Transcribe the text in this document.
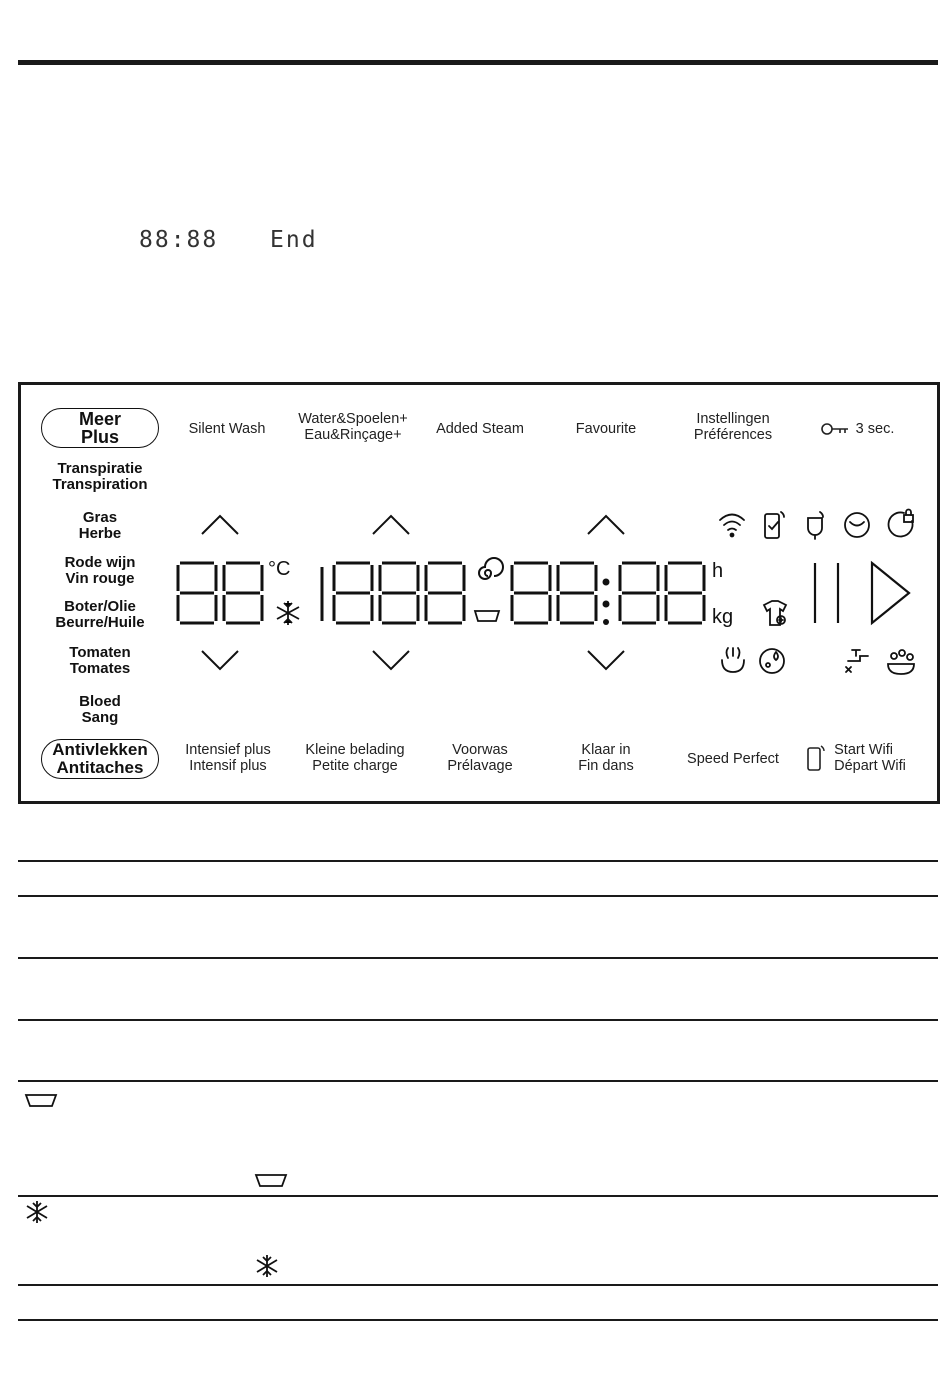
88:88 End
Meer
Plus
Antivlekken
Antitaches
Silent Wash
Water&Spoelen+
Eau&Rinçage+	Added Steam	Favourite
Instellingen
Préférences	3 sec.
Transpiratie
Transpiration
Gras
Herbe
Rode wijn
Vin rouge
Boter/Olie
Beurre/Huile
Tomaten
Tomates
Bloed
Sang
Intensief plus
Intensif plus
Kleine belading
Petite charge
Voorwas
Prélavage
Klaar in
Fin dans	Speed Perfect
Start Wifi
Départ Wifi
°C	h
kg
